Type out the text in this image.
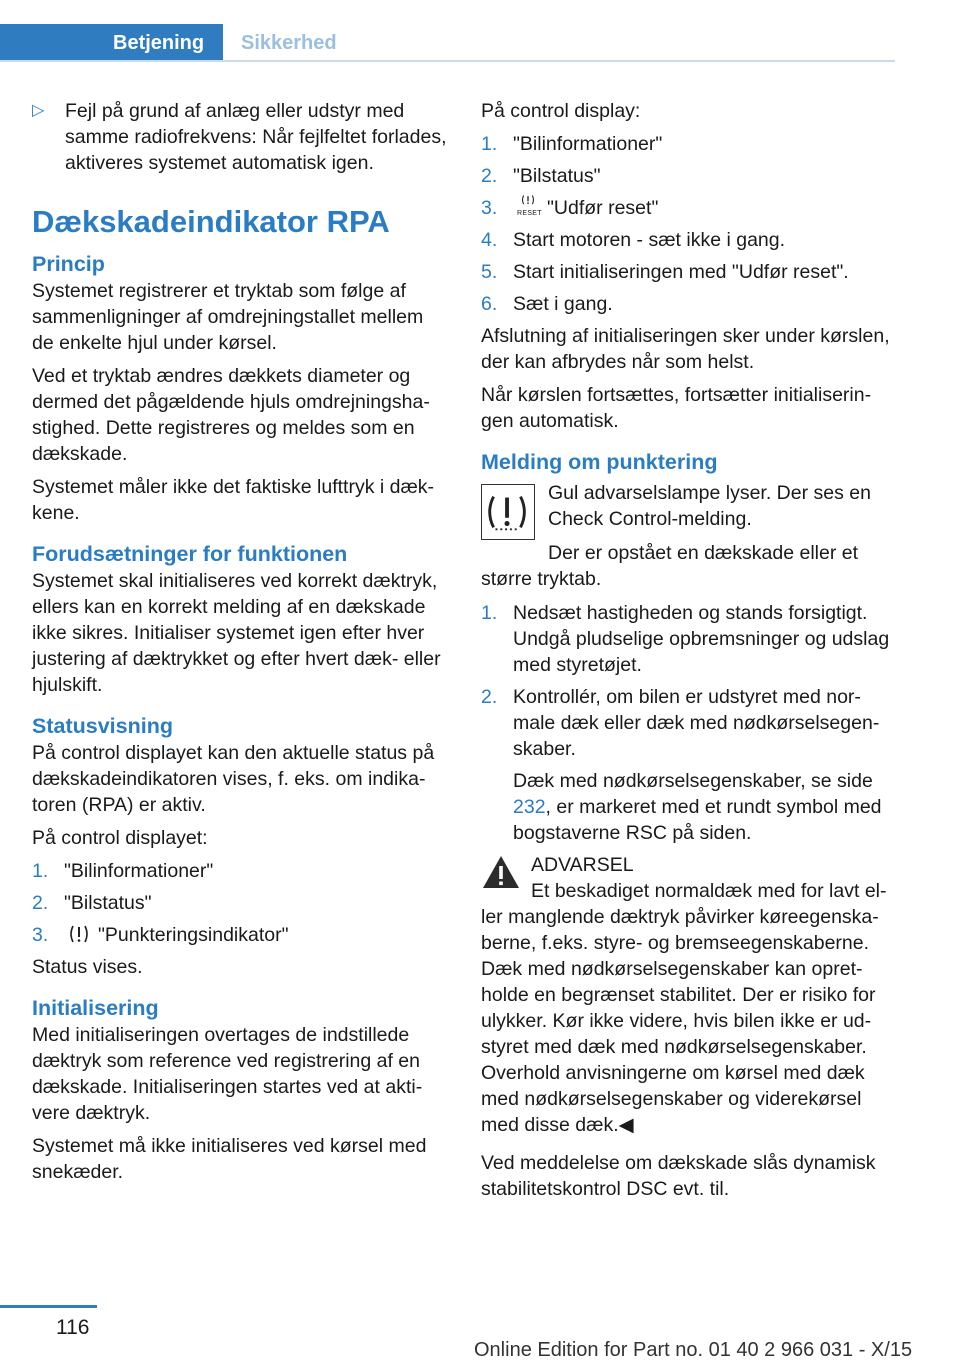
Betjening	Sikkerhed
▷	Fejl på grund af anlæg eller udstyr med samme radiofrekvens: Når fejlfeltet forlades, aktiveres systemet automatisk igen.
Dækskadeindikator RPA
Princip

Systemet registrerer et tryktab som følge af sammenligninger af omdrejningstallet mellem de enkelte hjul under kørsel.

Ved et tryktab ændres dækkets diameter og dermed det pågældende hjuls omdrejningshastighed. Dette registreres og meldes som en dækskade.

Systemet måler ikke det faktiske lufttryk i dækkene.

Forudsætninger for funktionen

Systemet skal initialiseres ved korrekt dæktryk, ellers kan en korrekt melding af en dækskade ikke sikres. Initialiser systemet igen efter hver justering af dæktrykket og efter hvert dæk- eller hjulskift.

Statusvisning

På control displayet kan den aktuelle status på dækskadeindikatoren vises, f. eks. om indikatoren (RPA) er aktiv.

På control displayet:

1. "Bilinformationer"
2. "Bilstatus"
3.	"Punkteringsindikator"

Status vises.

Initialisering

Med initialiseringen overtages de indstillede dæktryk som reference ved registrering af en dækskade. Initialiseringen startes ved at aktivere dæktryk.

Systemet må ikke initialiseres ved kørsel med snekæder.

På control display:

1. "Bilinformationer"
2. "Bilstatus"
3.	RESET "Udfør reset"
4. Start motoren - sæt ikke i gang.
5. Start initialiseringen med "Udfør reset".
6. Sæt i gang.

Afslutning af initialiseringen sker under kørslen, der kan afbrydes når som helst.

Når kørslen fortsættes, fortsætter initialiseringen automatisk.

Melding om punktering

Gul advarselslampe lyser. Der ses en Check Control-melding.

Der er opstået en dækskade eller et større tryktab.

1. Nedsæt hastigheden og stands forsigtigt. Undgå pludselige opbremsninger og udslag med styretøjet.
2. Kontrollér, om bilen er udstyret med normale dæk eller dæk med nødkørselsegenskaber.
Dæk med nødkørselsegenskaber, se side 232, er markeret med et rundt symbol med bogstaverne RSC på siden.
ADVARSEL
Et beskadiget normaldæk med for lavt eller manglende dæktryk påvirker køreegenskaberne, f.eks. styre- og bremseegenskaberne. Dæk med nødkørselsegenskaber kan opretholde en begrænset stabilitet. Der er risiko for ulykker. Kør ikke videre, hvis bilen ikke er udstyret med dæk med nødkørselsegenskaber. Overhold anvisningerne om kørsel med dæk med nødkørselsegenskaber og viderekørsel med disse dæk.◀

Ved meddelelse om dækskade slås dynamisk stabilitetskontrol DSC evt. til.

116
Online Edition for Part no. 01 40 2 966 031 - X/15
